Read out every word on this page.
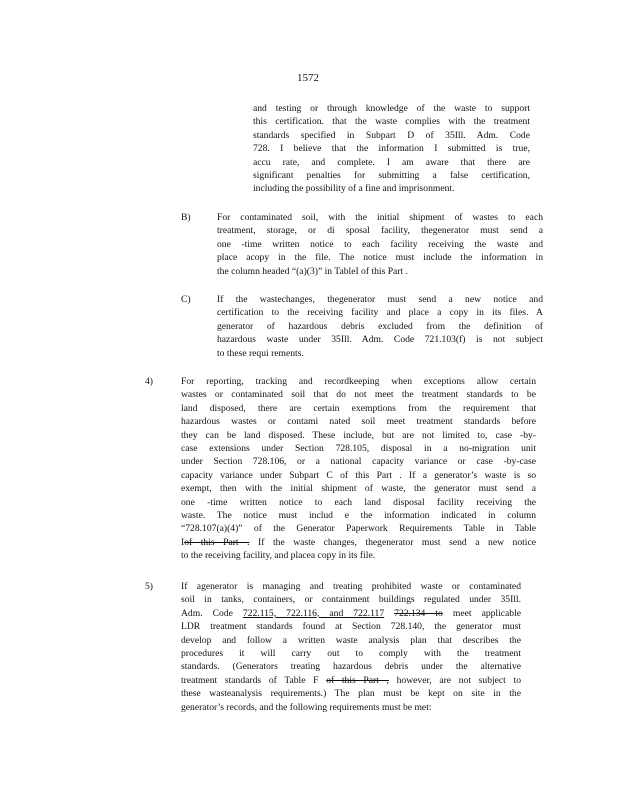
1572
and testing or through knowledge of the waste to support
this certification. that the waste complies with the treatment
standards specified in Subpart D of 35Ill. Adm. Code
728. I believe that the information I submitted is true,
accu rate, and complete. I am aware that there are
significant penalties for submitting a false certification,
including the possibility of a fine and imprisonment.
B)	For contaminated soil, with the initial shipment of wastes to each
treatment, storage, or di sposal facility, thegenerator must send a
one -time written notice to each facility receiving the waste and
place acopy in the file. The notice must include the information in
the column headed “(a)(3)” in TableI of this Part .
C)	If the wastechanges, thegenerator must send a new notice and
certification to the receiving facility and place a copy in its files. A
generator of hazardous debris excluded from the definition of
hazardous waste under 35Ill. Adm. Code 721.103(f) is not subject
to these requi rements.
4)	For reporting, tracking and recordkeeping when exceptions allow certain
wastes or contaminated soil that do not meet the treatment standards to be
land disposed, there are certain exemptions from the requirement that
hazardous wastes or contami nated soil meet treatment standards before
they can be land disposed. These include, but are not limited to, case -by-
case extensions under Section 728.105, disposal in a no-migration unit
under Section 728.106, or a national capacity variance or case -by-case
capacity variance under Subpart C of this Part . If a generator’s waste is so
exempt, then with the initial shipment of waste, the generator must send a
one -time written notice to each land disposal facility receiving the
waste. The notice must includ e the information indicated in column
“728.107(a)(4)” of the Generator Paperwork Requirements Table in Table
Iof this Part . If the waste changes, thegenerator must send a new notice
to the receiving facility, and placea copy in its file.
5)	If agenerator is managing and treating prohibited waste or contaminated
soil in tanks, containers, or containment buildings regulated under 35Ill.
Adm. Code 722.115, 722.116, and 722.117 722.134 to meet applicable
LDR treatment standards found at Section 728.140, the generator must
develop and follow a written waste analysis plan that describes the
procedures it will carry out to comply with the treatment
standards. (Generators treating hazardous debris under the alternative
treatment standards of Table F of this Part , however, are not subject to
these wasteanalysis requirements.) The plan must be kept on site in the
generator’s records, and the following requirements must be met:
